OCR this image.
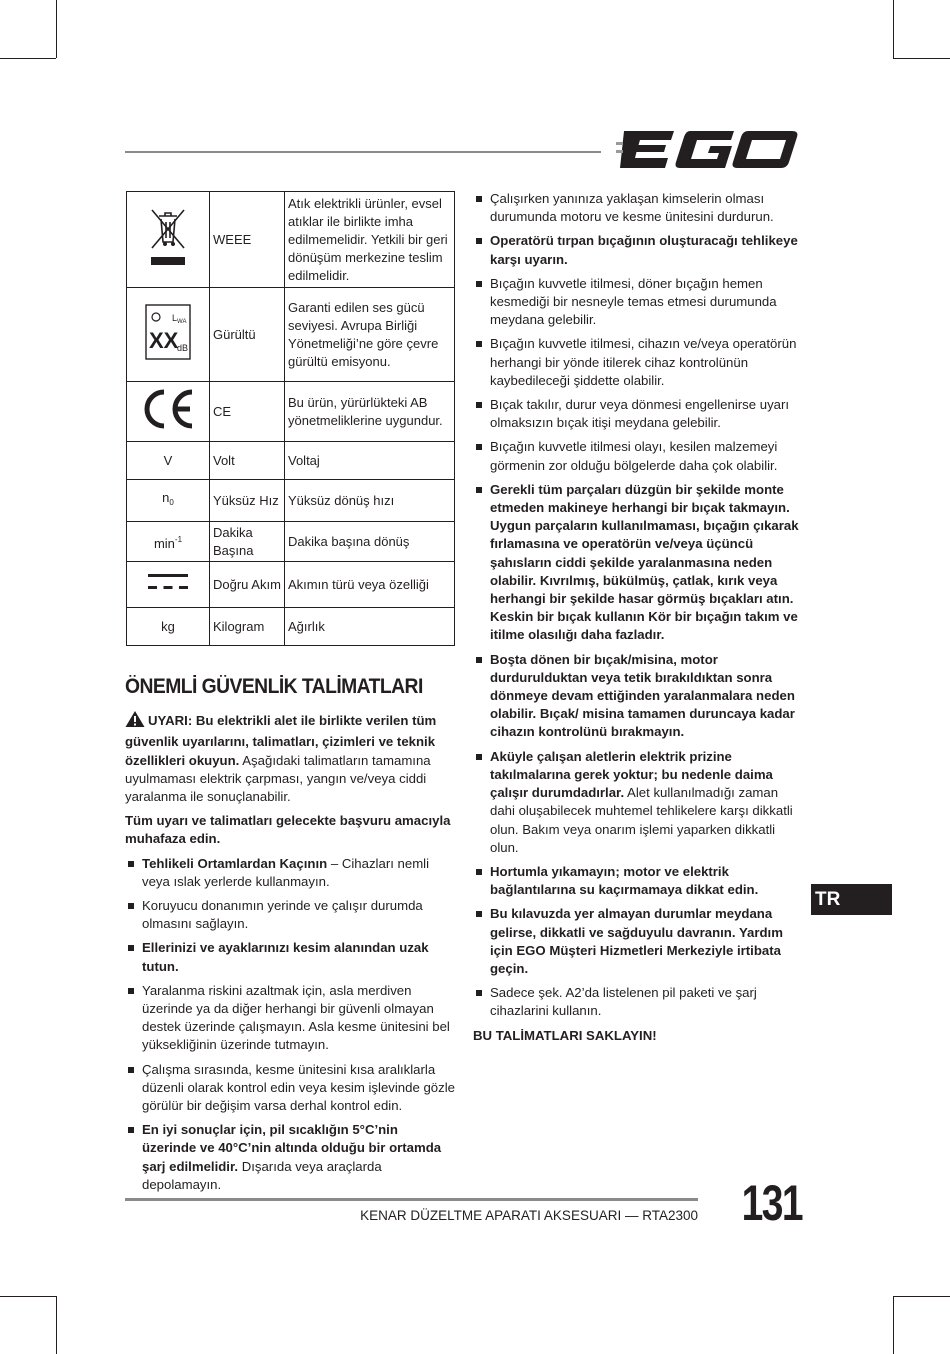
	WEEE	Atık elektrikli ürünler, evsel atıklar ile birlikte imha edilmemelidir. Yetkili bir geri dönüşüm merkezine teslim edilmelidir.

L WA
XX
dB	Gürültü	Garanti edilen ses gücü seviyesi. Avrupa Birliği Yönetmeliği’ne göre çevre gürültü emisyonu.
	CE	Bu ürün, yürürlükteki AB yönetmeliklerine uygundur.
V	Volt	Voltaj
$n_0$	Yüksüz Hız	Yüksüz dönüş hızı
$\min^{-1}$	Dakika Başına	Dakika başına dönüş
	Doğru Akım	Akımın türü veya özelliği
kg	Kilogram	Ağırlık
ÖNEMLİ GÜVENLİK TALİMATLARI

UYARI: Bu elektrikli alet ile birlikte verilen tüm güvenlik uyarılarını, talimatları, çizimleri ve teknik özellikleri okuyun. Aşağıdaki talimatların tamamına uyulmaması elektrik çarpması, yangın ve/veya ciddi yaralanma ile sonuçlanabilir.

Tüm uyarı ve talimatları gelecekte başvuru amacıyla muhafaza edin.

Tehlikeli Ortamlardan Kaçının – Cihazları nemli veya ıslak yerlerde kullanmayın.
Koruyucu donanımın yerinde ve çalışır durumda olmasını sağlayın.
Ellerinizi ve ayaklarınızı kesim alanından uzak tutun.
Yaralanma riskini azaltmak için, asla merdiven üzerinde ya da diğer herhangi bir güvenli olmayan destek üzerinde çalışmayın. Asla kesme ünitesini bel yüksekliğinin üzerinde tutmayın.
Çalışma sırasında, kesme ünitesini kısa aralıklarla düzenli olarak kontrol edin veya kesim işlevinde gözle görülür bir değişim varsa derhal kontrol edin.
En iyi sonuçlar için, pil sıcaklığın 5°C’nin üzerinde ve 40°C’nin altında olduğu bir ortamda şarj edilmelidir. Dışarıda veya araçlarda depolamayın.
Çalışırken yanınıza yaklaşan kimselerin olması durumunda motoru ve kesme ünitesini durdurun.
Operatörü tırpan bıçağının oluşturacağı tehlikeye karşı uyarın.
Bıçağın kuvvetle itilmesi, döner bıçağın hemen kesmediği bir nesneyle temas etmesi durumunda meydana gelebilir.
Bıçağın kuvvetle itilmesi, cihazın ve/veya operatörün herhangi bir yönde itilerek cihaz kontrolünün kaybedileceği şiddette olabilir.
Bıçak takılır, durur veya dönmesi engellenirse uyarı olmaksızın bıçak itişi meydana gelebilir.
Bıçağın kuvvetle itilmesi olayı, kesilen malzemeyi görmenin zor olduğu bölgelerde daha çok olabilir.
Gerekli tüm parçaları düzgün bir şekilde monte etmeden makineye herhangi bir bıçak takmayın. Uygun parçaların kullanılmaması, bıçağın çıkarak fırlamasına ve operatörün ve/veya üçüncü şahısların ciddi şekilde yaralanmasına neden olabilir. Kıvrılmış, bükülmüş, çatlak, kırık veya herhangi bir şekilde hasar görmüş bıçakları atın. Keskin bir bıçak kullanın Kör bir bıçağın takım ve itilme olasılığı daha fazladır.
Boşta dönen bir bıçak/misina, motor durdurulduktan veya tetik bırakıldıktan sonra dönmeye devam ettiğinden yaralanmalara neden olabilir. Bıçak/ misina tamamen duruncaya kadar cihazın kontrolünü bırakmayın.
Aküyle çalışan aletlerin elektrik prizine takılmalarına gerek yoktur; bu nedenle daima çalışır durumdadırlar. Alet kullanılmadığı zaman dahi oluşabilecek muhtemel tehlikelere karşı dikkatli olun. Bakım veya onarım işlemi yaparken dikkatli olun.
Hortumla yıkamayın; motor ve elektrik bağlantılarına su kaçırmamaya dikkat edin.
Bu kılavuzda yer almayan durumlar meydana gelirse, dikkatli ve sağduyulu davranın. Yardım için EGO Müşteri Hizmetleri Merkeziyle irtibata geçin.
Sadece şek. A2’da listelenen pil paketi ve şarj cihazlarini kullanın.

BU TALİMATLARI SAKLAYIN!

TR
KENAR DÜZELTME APARATI AKSESUARI — RTA2300 131
